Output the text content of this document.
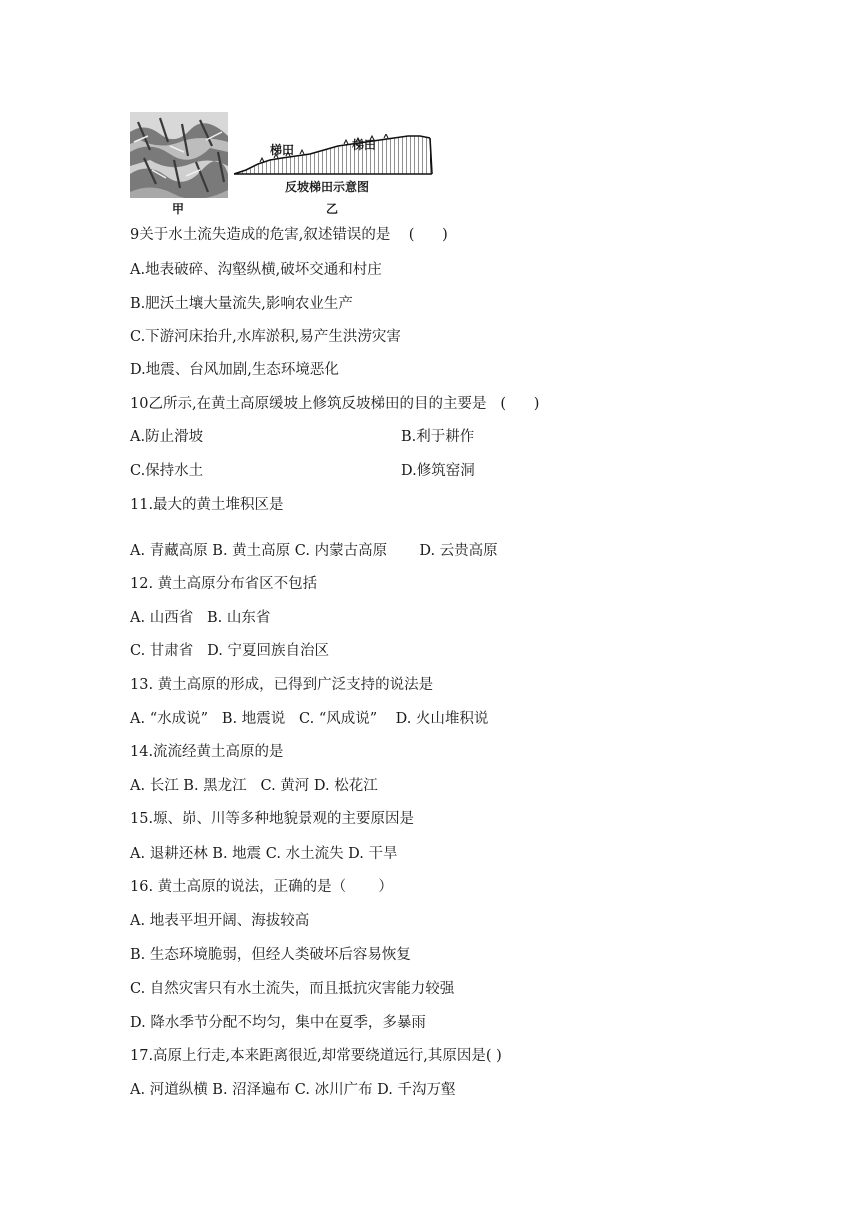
甲
梯田	梯田
反坡梯田示意图
乙
9关于水土流失造成的危害,叙述错误的是    (      )
A.地表破碎、沟壑纵横,破坏交通和村庄
B.肥沃土壤大量流失,影响农业生产
C.下游河床抬升,水库淤积,易产生洪涝灾害
D.地震、台风加剧,生态环境恶化
10乙所示,在黄土高原缓坡上修筑反坡梯田的目的主要是   (      )
A.防止滑坡	B.利于耕作
C.保持水土	D.修筑窑洞
11.最大的黄土堆积区是
A. 青藏高原 B. 黄土高原 C. 内蒙古高原       D. 云贵高原
12. 黄土高原分布省区不包括
A. 山西省   B. 山东省
C. 甘肃省   D. 宁夏回族自治区
13. 黄土高原的形成，已得到广泛支持的说法是
A. “水成说”   B. 地震说   C. “风成说”    D. 火山堆积说
14.流流经黄土高原的是
A. 长江 B. 黑龙江   C. 黄河 D. 松花江
15.塬、峁、川等多种地貌景观的主要原因是
A. 退耕还林 B. 地震 C. 水土流失 D. 干旱
16. 黄土高原的说法，正确的是（       ）
A. 地表平坦开阔、海拔较高
B. 生态环境脆弱，但经人类破坏后容易恢复
C. 自然灾害只有水土流失，而且抵抗灾害能力较强
D. 降水季节分配不均匀，集中在夏季，多暴雨
17.高原上行走,本来距离很近,却常要绕道远行,其原因是( )
A. 河道纵横 B. 沼泽遍布 C. 冰川广布 D. 千沟万壑
